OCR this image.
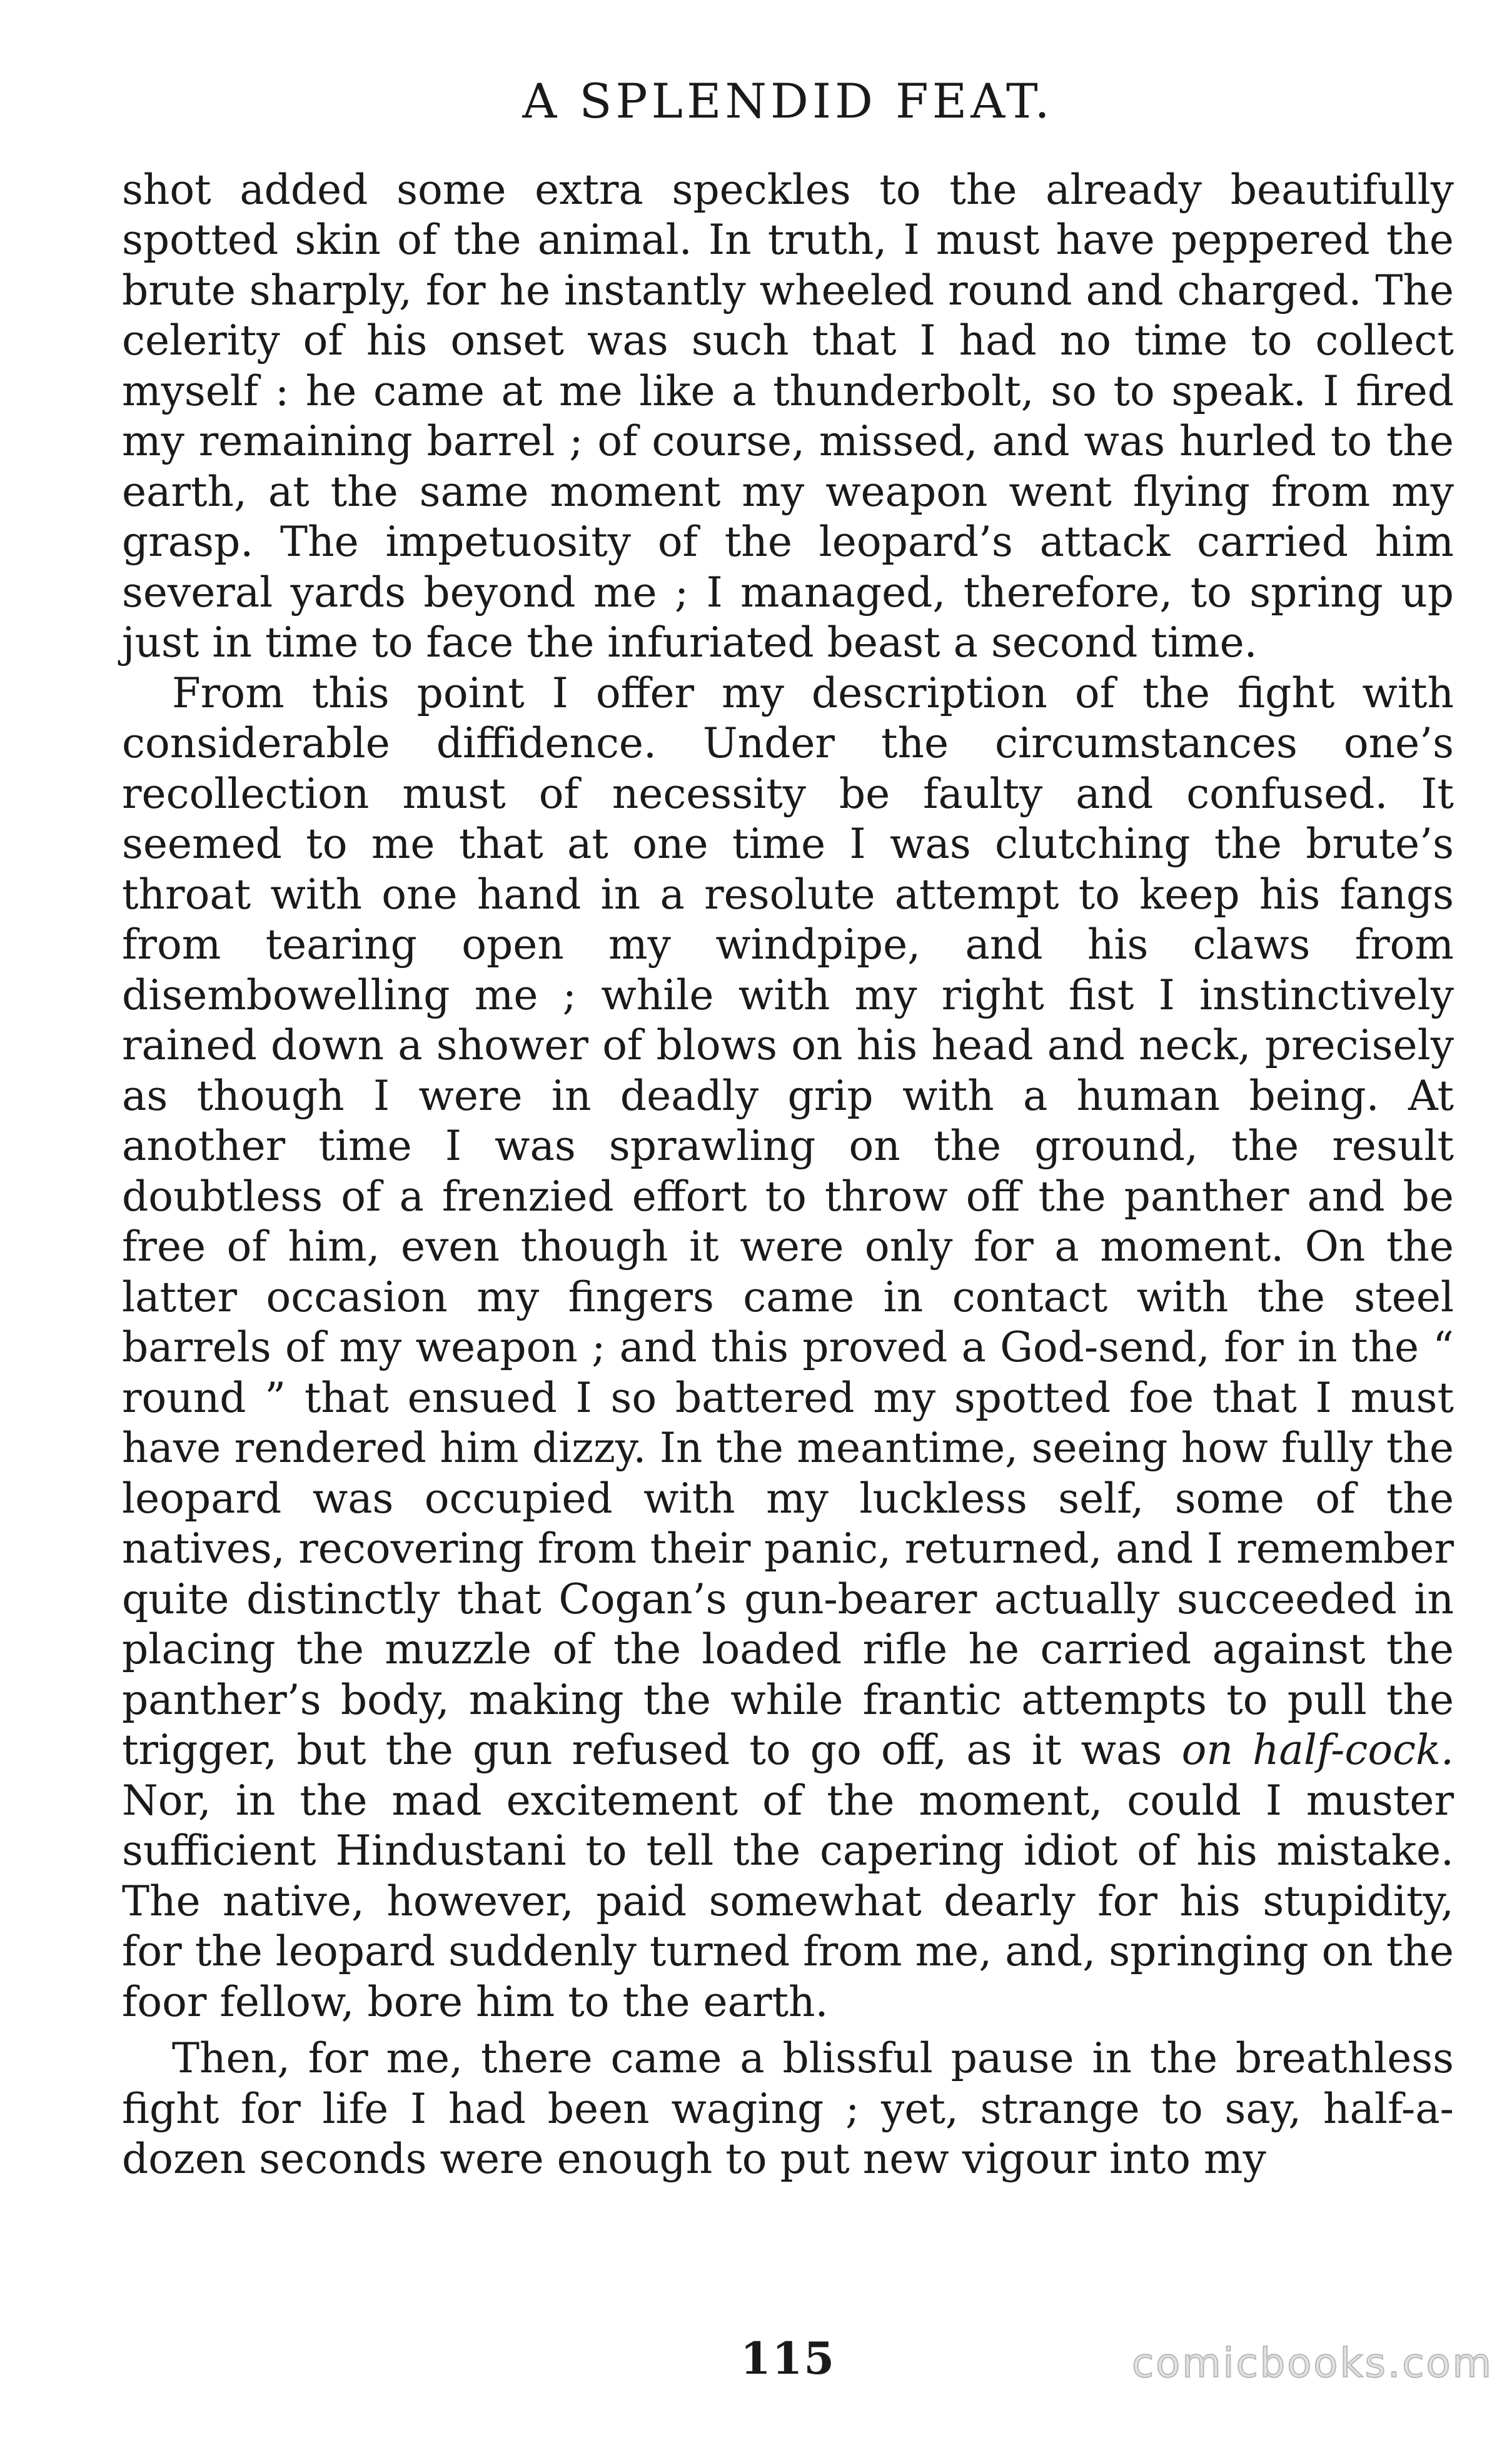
A SPLENDID FEAT.

shot added some extra speckles to the already beautifully spotted skin of the animal. In truth, I must have peppered the brute sharply, for he instantly wheeled round and charged. The celerity of his onset was such that I had no time to collect myself : he came at me like a thunderbolt, so to speak. I fired my remaining barrel ; of course, missed, and was hurled to the earth, at the same moment my weapon went flying from my grasp. The impetuosity of the leopard’s attack carried him several yards beyond me ; I managed, therefore, to spring up just in time to face the infuriated beast a second time.

From this point I offer my description of the fight with considerable diffidence. Under the circumstances one’s recollection must of necessity be faulty and confused. It seemed to me that at one time I was clutching the brute’s throat with one hand in a resolute attempt to keep his fangs from tearing open my windpipe, and his claws from disembowelling me ; while with my right fist I instinctively rained down a shower of blows on his head and neck, precisely as though I were in deadly grip with a human being. At another time I was sprawling on the ground, the result doubtless of a frenzied effort to throw off the panther and be free of him, even though it were only for a moment. On the latter occasion my fingers came in contact with the steel barrels of my weapon ; and this proved a God-send, for in the “ round ” that ensued I so battered my spotted foe that I must have rendered him dizzy. In the meantime, seeing how fully the leopard was occupied with my luckless self, some of the natives, recovering from their panic, returned, and I remember quite distinctly that Cogan’s gun-bearer actually succeeded in placing the muzzle of the loaded rifle he carried against the panther’s body, making the while frantic attempts to pull the trigger, but the gun refused to go off, as it was on half-cock. Nor, in the mad excitement of the moment, could I muster sufficient Hindustani to tell the capering idiot of his mistake. The native, however, paid somewhat dearly for his stupidity, for the leopard suddenly turned from me, and, springing on the foor fellow, bore him to the earth.

Then, for me, there came a blissful pause in the breathless fight for life I had been waging ; yet, strange to say, half-a-dozen seconds were enough to put new vigour into my

115	comicbooks.com
